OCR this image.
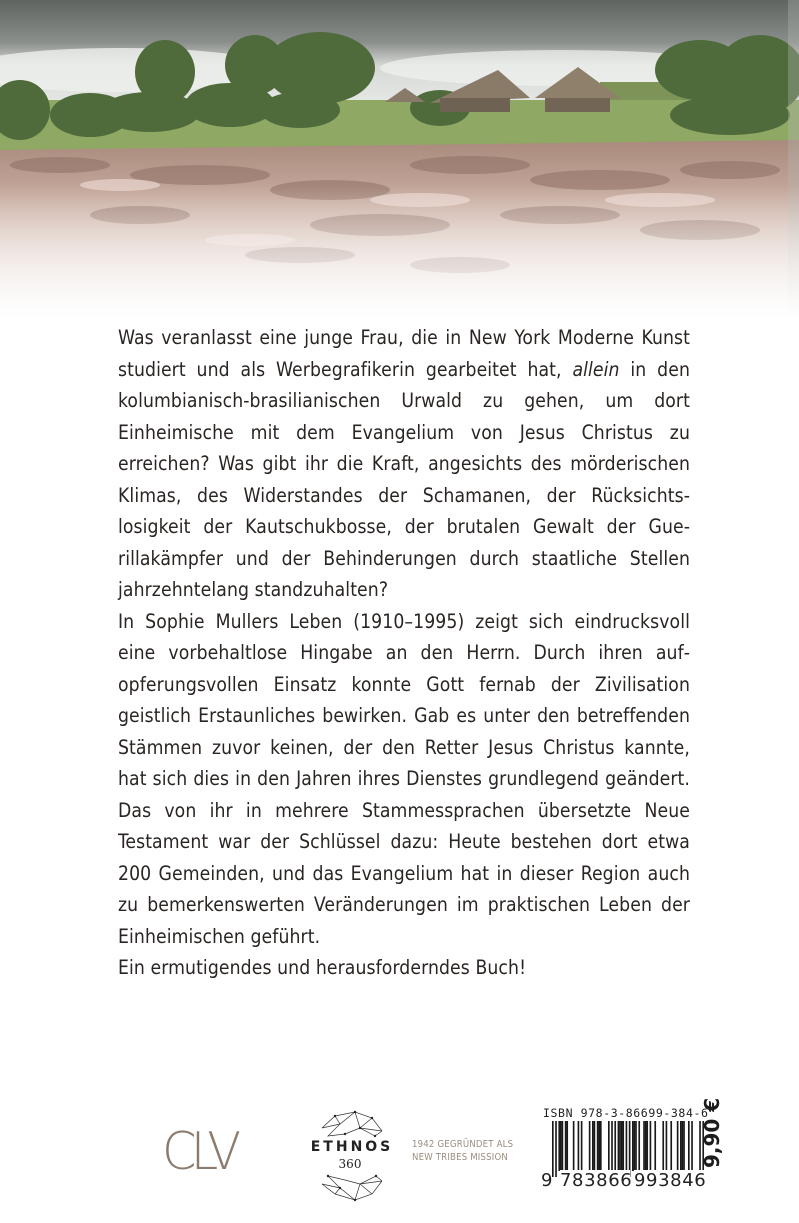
Was veranlasst eine junge Frau, die in New York Moderne Kunst studiert und als Werbegrafikerin gearbeitet hat, allein in den kolumbianisch-brasilianischen Urwald zu gehen, um dort Einheimische mit dem Evangelium von Jesus Christus zu erreichen? Was gibt ihr die Kraft, angesichts des mörderischen Klimas, des Widerstandes der Schamanen, der Rücksichtslosigkeit der Kautschukbosse, der brutalen Gewalt der Guerillakämpfer und der Behinderungen durch staatliche Stellen jahrzehntelang standzuhalten?

In Sophie Mullers Leben (1910–1995) zeigt sich eindrucksvoll eine vorbehaltlose Hingabe an den Herrn. Durch ihren aufopferungsvollen Einsatz konnte Gott fernab der Zivilisation geistlich Erstaunliches bewirken. Gab es unter den betreffenden Stämmen zuvor keinen, der den Retter Jesus Christus kannte, hat sich dies in den Jahren ihres Dienstes grundlegend geändert. Das von ihr in mehrere Stammessprachen übersetzte Neue Testament war der Schlüssel dazu: Heute bestehen dort etwa 200 Gemeinden, und das Evangelium hat in dieser Region auch zu bemerkenswerten Veränderungen im praktischen Leben der Einheimischen geführt.

Ein ermutigendes und herausforderndes Buch!

CLV	ETHNOS
360
1942 GEGRÜNDET ALS
NEW TRIBES MISSION
ISBN 978-3-86699-384-6
9 783866 993846
9,90 €
